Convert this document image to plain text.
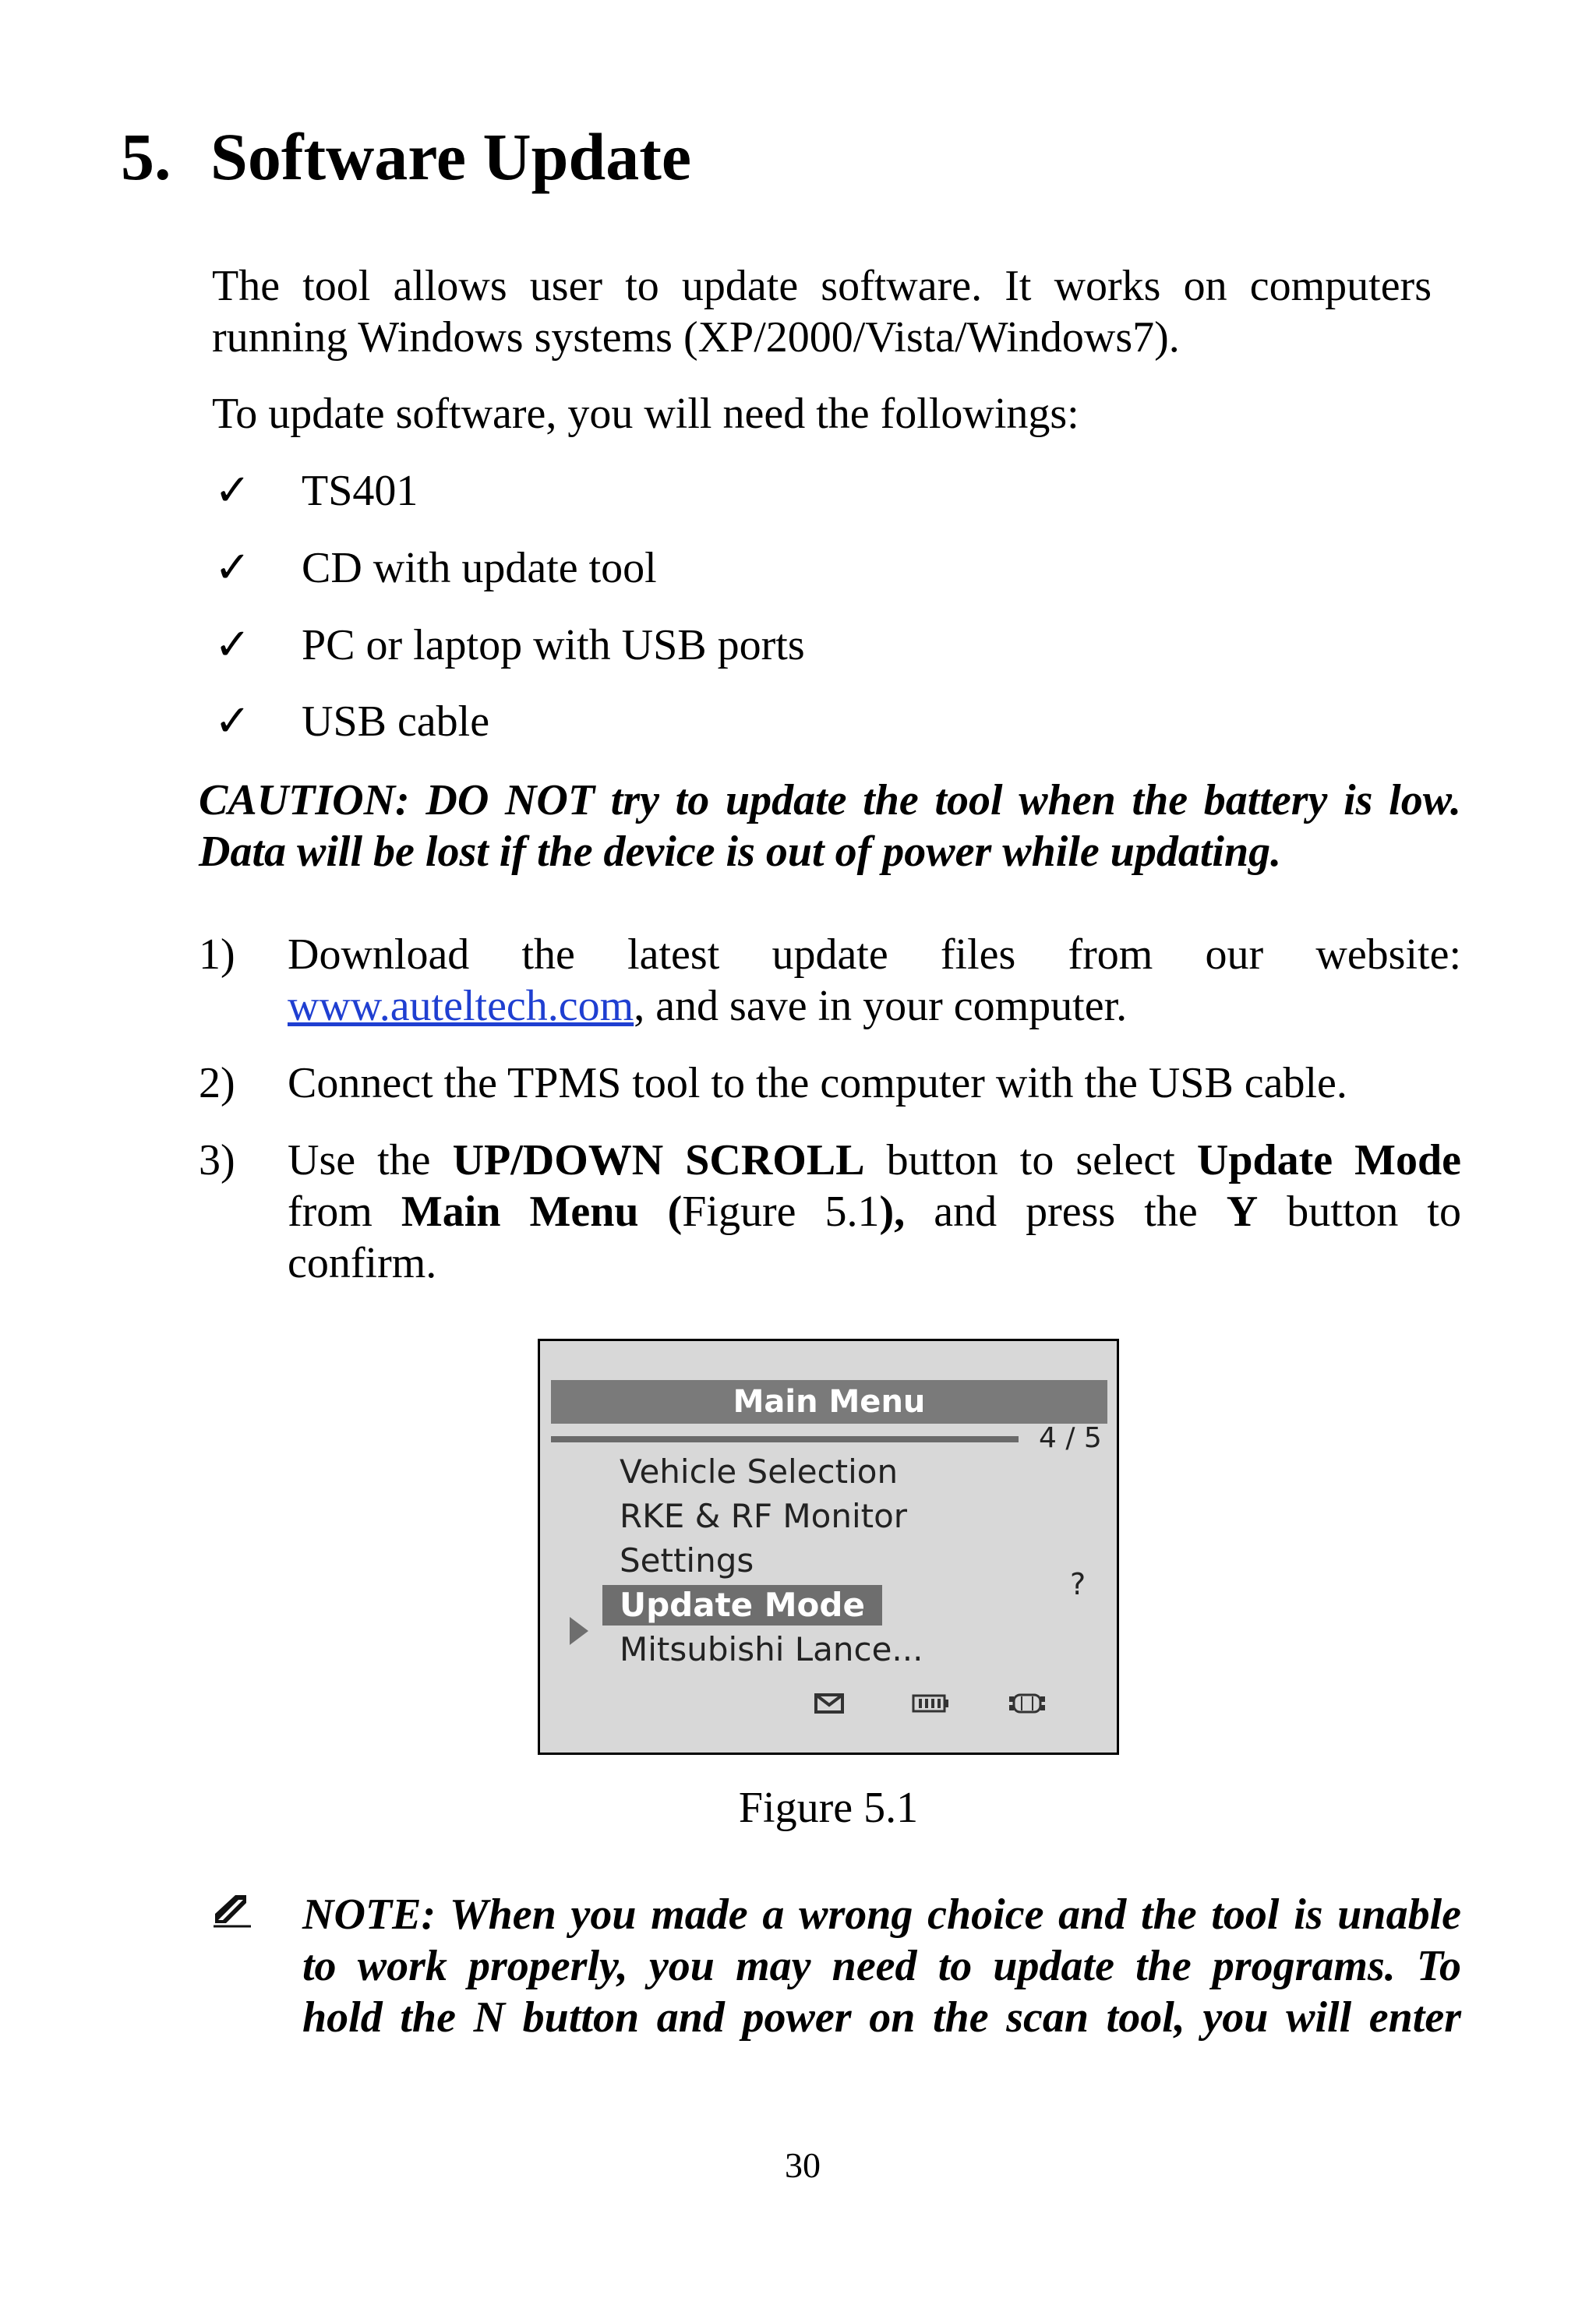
5. Software Update
The tool allows user to update software. It works on computers
running Windows systems (XP/2000/Vista/Windows7).
To update software, you will need the followings:
✓ TS401
✓ CD with update tool
✓ PC or laptop with USB ports
✓ USB cable
CAUTION: DO NOT try to update the tool when the battery is low.
Data will be lost if the device is out of power while updating.
1) Download the latest update files from our website:
www.auteltech.com, and save in your computer.
2) Connect the TPMS tool to the computer with the USB cable.
3) Use the UP/DOWN SCROLL button to select Update Mode
from Main Menu (Figure 5.1), and press the Y button to
confirm.
Main Menu
4 / 5
Vehicle Selection
RKE & RF Monitor
Settings
Update Mode
Mitsubishi Lance...
?
Figure 5.1
NOTE: When you made a wrong choice and the tool is unable
to work properly, you may need to update the programs. To
hold the N button and power on the scan tool, you will enter
30
